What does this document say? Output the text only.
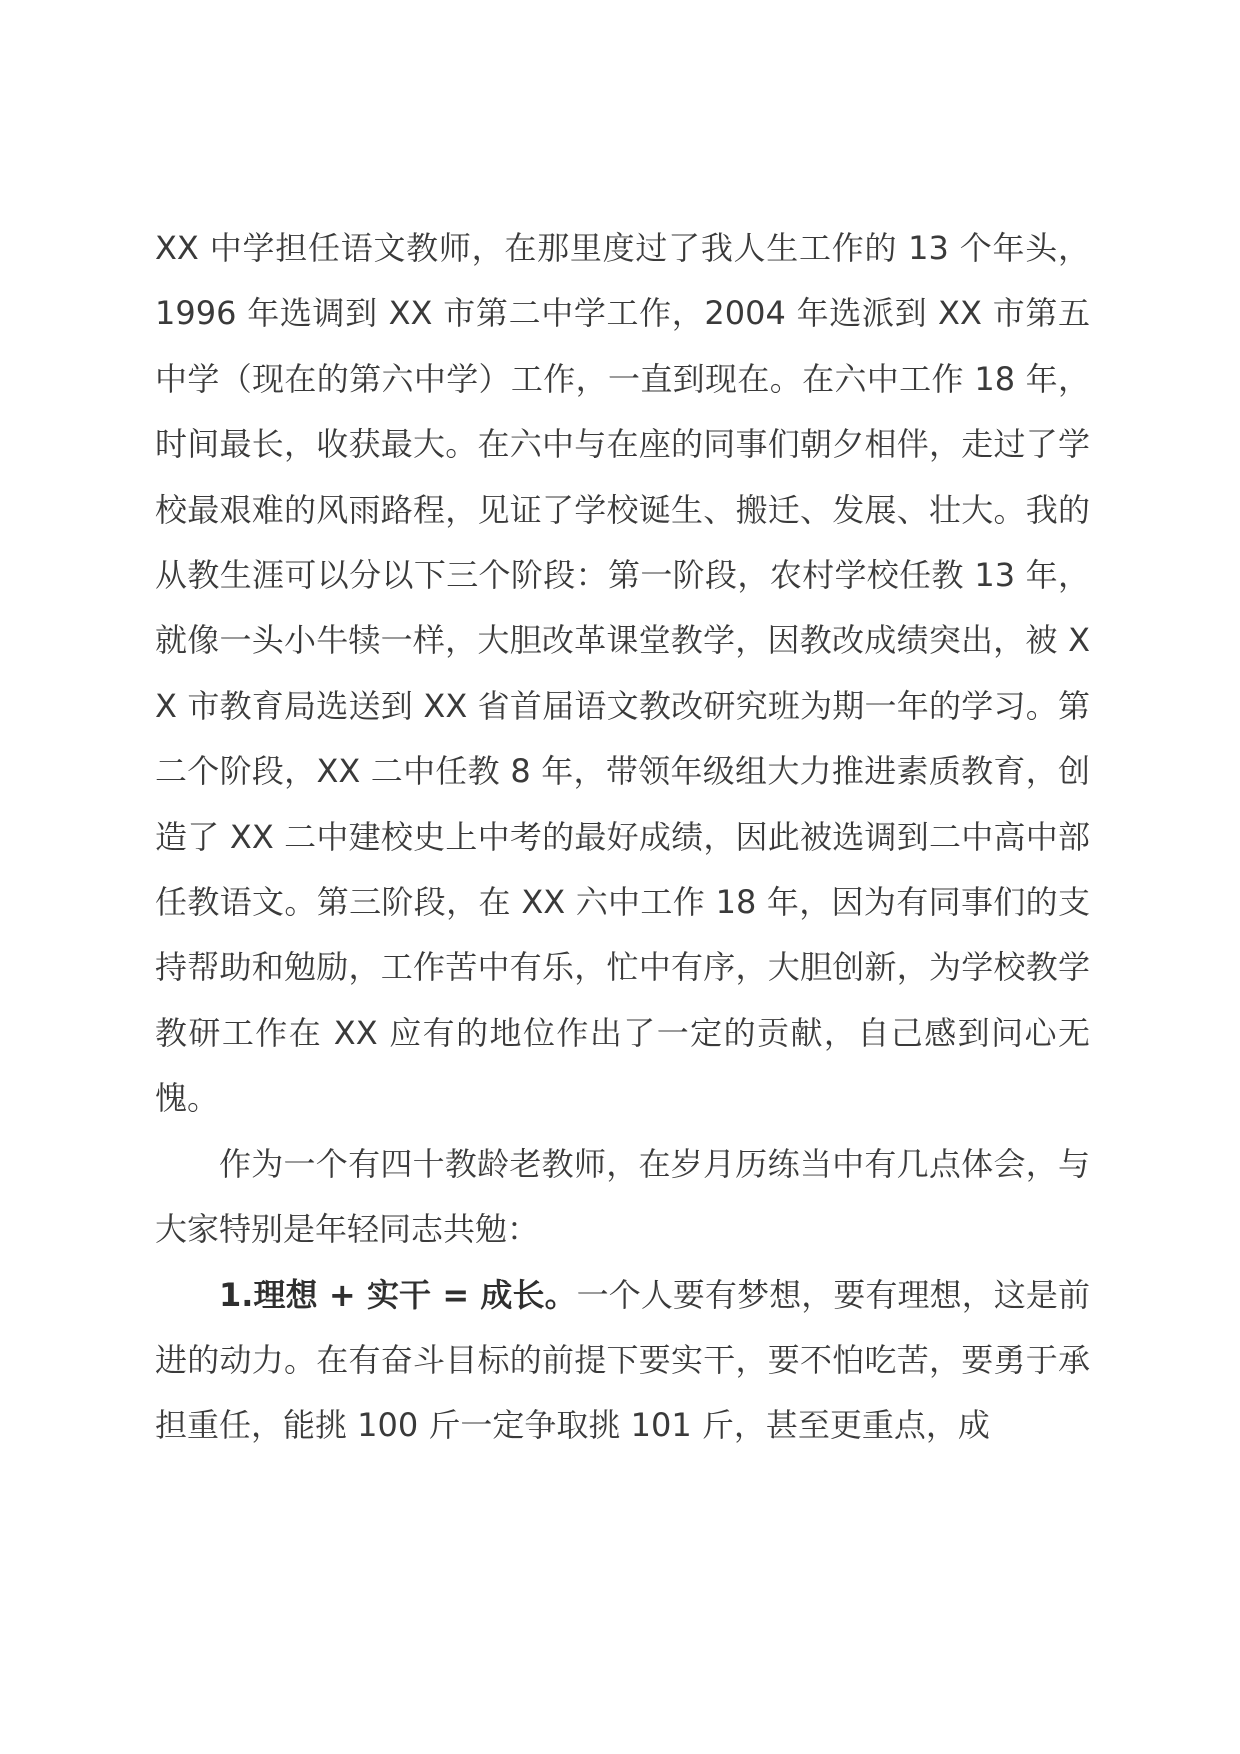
XX 中学担任语文教师，在那里度过了我人生工作的 13 个年头，1996 年选调到 XX 市第二中学工作，2004 年选派到 XX 市第五中学（现在的第六中学）工作，一直到现在。在六中工作 18 年，时间最长，收获最大。在六中与在座的同事们朝夕相伴，走过了学校最艰难的风雨路程，见证了学校诞生、搬迁、发展、壮大。我的从教生涯可以分以下三个阶段：第一阶段，农村学校任教 13 年，就像一头小牛犊一样，大胆改革课堂教学，因教改成绩突出，被 XX 市教育局选送到 XX 省首届语文教改研究班为期一年的学习。第二个阶段，XX 二中任教 8 年，带领年级组大力推进素质教育，创造了 XX 二中建校史上中考的最好成绩，因此被选调到二中高中部任教语文。第三阶段，在 XX 六中工作 18 年，因为有同事们的支持帮助和勉励，工作苦中有乐，忙中有序，大胆创新，为学校教学教研工作在 XX 应有的地位作出了一定的贡献，自己感到问心无愧。

作为一个有四十教龄老教师，在岁月历练当中有几点体会，与大家特别是年轻同志共勉：

1.理想 + 实干 = 成长。一个人要有梦想，要有理想，这是前进的动力。在有奋斗目标的前提下要实干，要不怕吃苦，要勇于承担重任，能挑 100 斤一定争取挑 101 斤，甚至更重点，成
